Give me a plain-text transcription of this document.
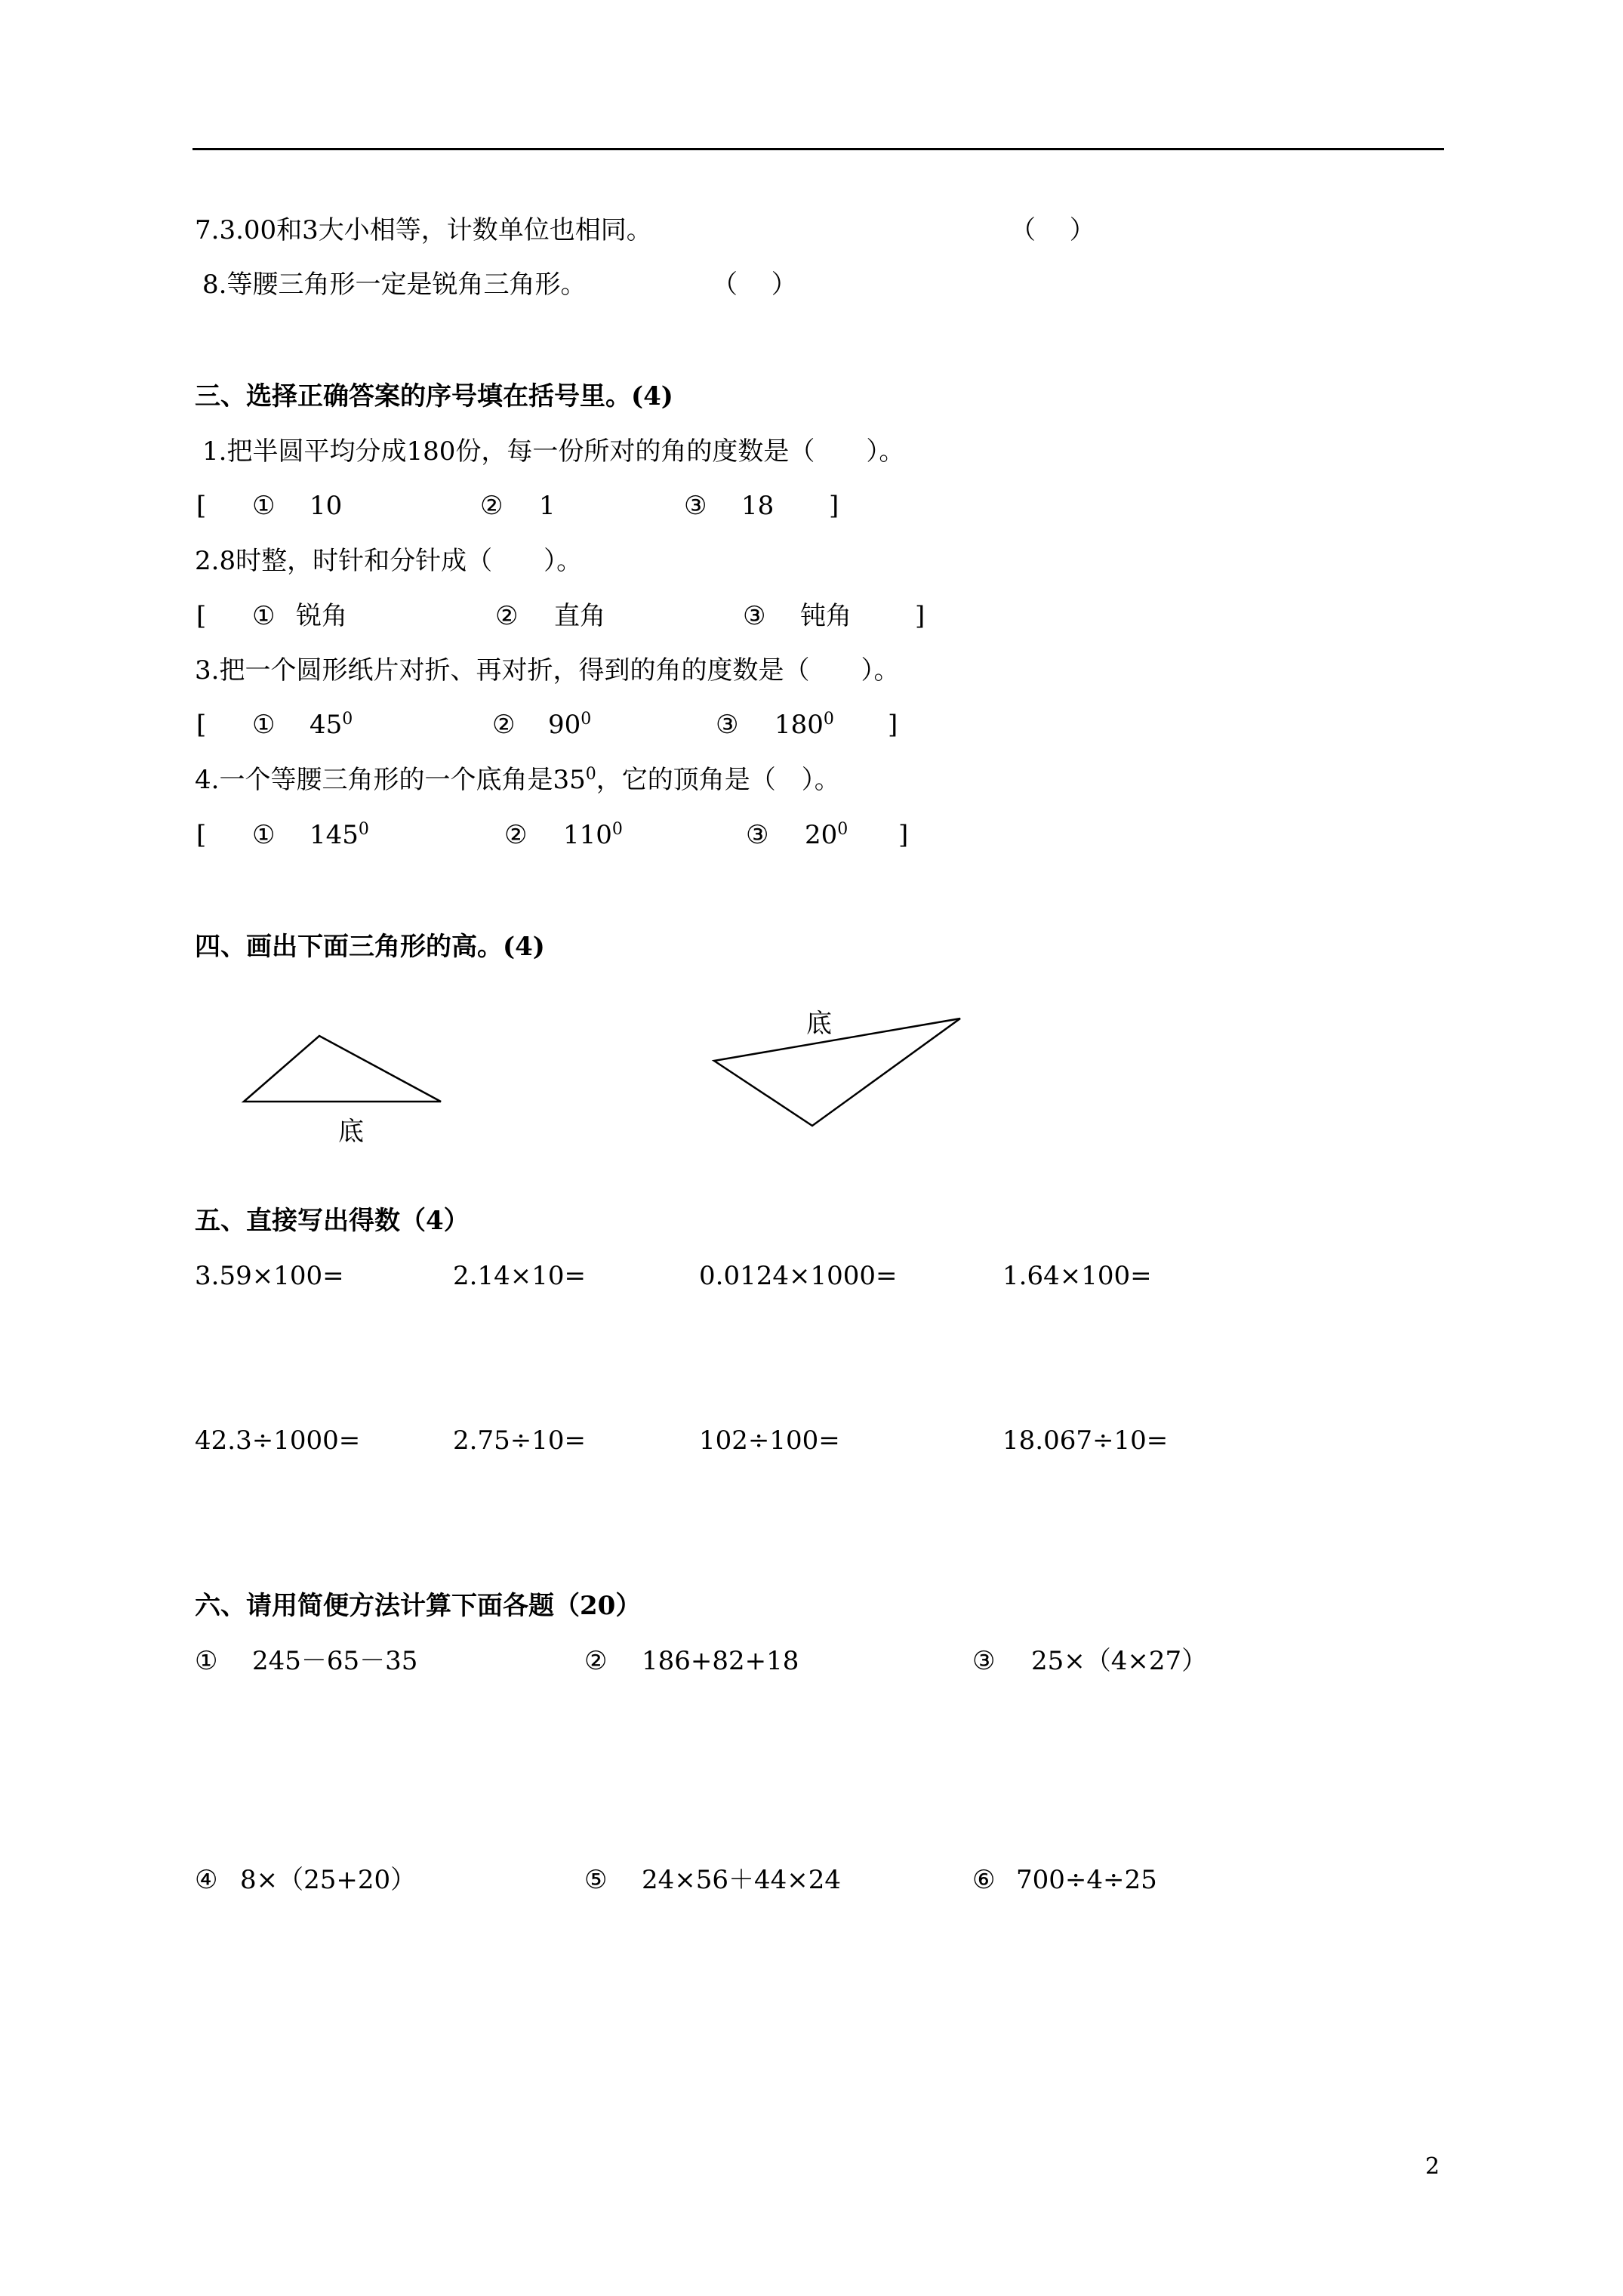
7.3.00和3大小相等，计数单位也相同。	（　 ）
8.等腰三角形一定是锐角三角形。	（　 ）
三、选择正确答案的序号填在括号里。(4)
1.把半圆平均分成180份，每一份所对的角的度数是（　　）。
[ ① 10	② 1	③ 18 ]
2.8时整，时针和分针成（　　）。
[ ① 锐角	② 直角	③ 钝角 ]
3.把一个圆形纸片对折、再对折，得到的角的度数是（　　）。
[ ① $45^0$	② $90^0$	③ $180^0$ ]
4.一个等腰三角形的一个底角是$35^0$，它的顶角是（　）。
[ ① $145^0$	② $110^0$	③ $20^0$ ]
四、画出下面三角形的高。(4)
底
底
五、直接写出得数（4）
3.59×100=	2.14×10=	0.0124×1000=	1.64×100=
42.3÷1000=	2.75÷10=	102÷100=	18.067÷10=
六、请用简便方法计算下面各题（20）
① 245－65－35	② 186+82+18	③ 25×（4×27）
④ 8×（25+20）	⑤ 24×56＋44×24	⑥ 700÷4÷25
2
